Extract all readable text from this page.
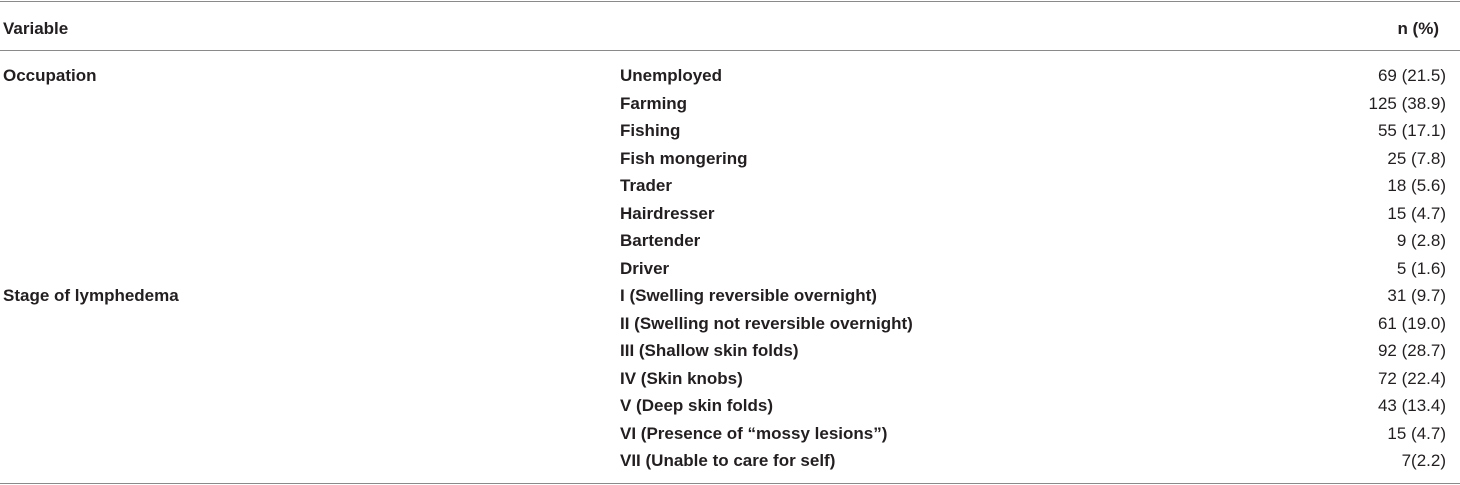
Variable	n (%)
Occupation	Unemployed	69 (21.5)
Farming	125 (38.9)
Fishing	55 (17.1)
Fish mongering	25 (7.8)
Trader	18 (5.6)
Hairdresser	15 (4.7)
Bartender	9 (2.8)
Driver	5 (1.6)
Stage of lymphedema	I (Swelling reversible overnight)	31 (9.7)
II (Swelling not reversible overnight)	61 (19.0)
III (Shallow skin folds)	92 (28.7)
IV (Skin knobs)	72 (22.4)
V (Deep skin folds)	43 (13.4)
VI (Presence of “mossy lesions”)	15 (4.7)
VII (Unable to care for self)	7(2.2)
